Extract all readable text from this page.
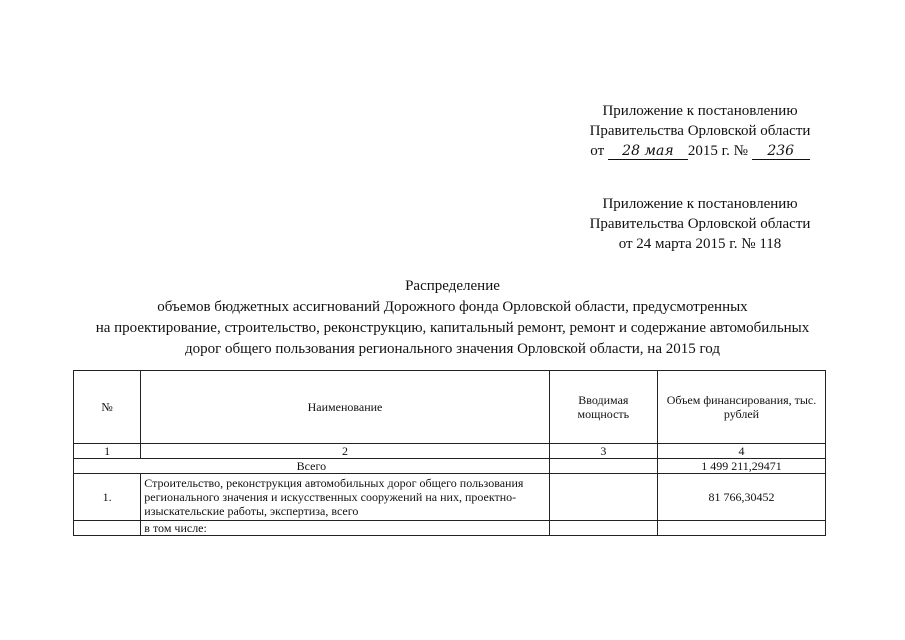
Приложение к постановлению
Правительства Орловской области
от 28 мая 2015 г. № 236
Приложение к постановлению
Правительства Орловской области
от 24 марта 2015 г. № 118
Распределение
объемов бюджетных ассигнований Дорожного фонда Орловской области, предусмотренных
на проектирование, строительство, реконструкцию, капитальный ремонт, ремонт и содержание автомобильных
дорог общего пользования регионального значения Орловской области, на 2015 год
№	Наименование	Вводимая мощность	Объем финансирования, тыс. рублей
1	2	3	4
Всего			1 499 211,29471
1.	Строительство, реконструкция автомобильных дорог общего пользования регионального значения и искусственных сооружений на них, проектно-изыскательские работы, экспертиза, всего		81 766,30452
	в том числе:		
